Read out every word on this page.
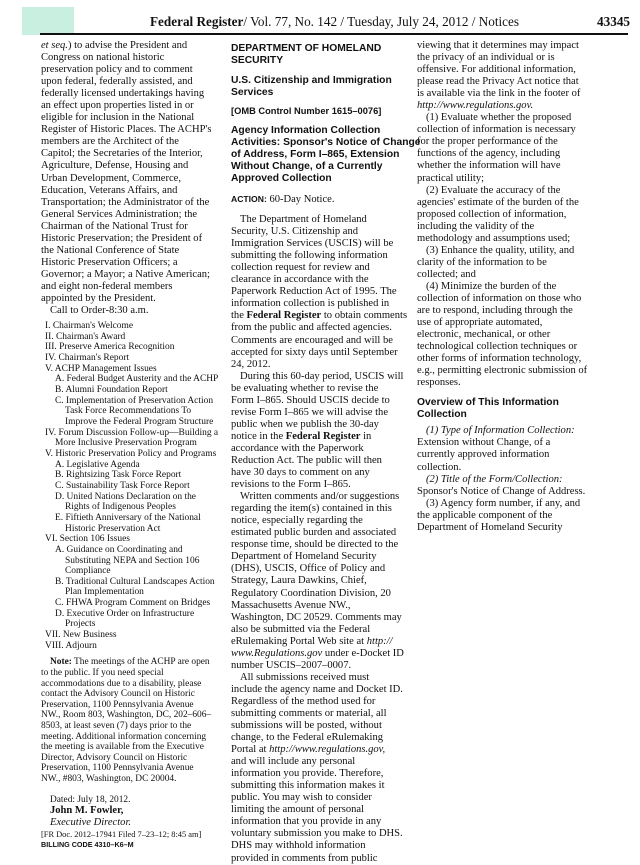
Federal Register/ Vol. 77, No. 142 / Tuesday, July 24, 2012 / Notices	43345

et seq.) to advise the President and

Congress on national historic

preservation policy and to comment

upon federal, federally assisted, and

federally licensed undertakings having

an effect upon properties listed in or

eligible for inclusion in the National

Register of Historic Places. The ACHP's

members are the Architect of the

Capitol; the Secretaries of the Interior,

Agriculture, Defense, Housing and

Urban Development, Commerce,

Education, Veterans Affairs, and

Transportation; the Administrator of the

General Services Administration; the

Chairman of the National Trust for

Historic Preservation; the President of

the National Conference of State

Historic Preservation Officers; a

Governor; a Mayor; a Native American;

and eight non-federal members

appointed by the President.

Call to Order-8:30 a.m.

I. Chairman's Welcome

II. Chairman's Award

III. Preserve America Recognition

IV. Chairman's Report

V. ACHP Management Issues

A. Federal Budget Austerity and the ACHP

B. Alumni Foundation Report

C. Implementation of Preservation Action

Task Force Recommendations To

Improve the Federal Program Structure

IV. Forum Discussion Follow-up—Building a

More Inclusive Preservation Program

V. Historic Preservation Policy and Programs

A. Legislative Agenda

B. Rightsizing Task Force Report

C. Sustainability Task Force Report

D. United Nations Declaration on the

Rights of Indigenous Peoples

E. Fiftieth Anniversary of the National

Historic Preservation Act

VI. Section 106 Issues

A. Guidance on Coordinating and

Substituting NEPA and Section 106

Compliance

B. Traditional Cultural Landscapes Action

Plan Implementation

C. FHWA Program Comment on Bridges

D. Executive Order on Infrastructure

Projects

VII. New Business

VIII. Adjourn

Note: The meetings of the ACHP are open

to the public. If you need special

accommodations due to a disability, please

contact the Advisory Council on Historic

Preservation, 1100 Pennsylvania Avenue

NW., Room 803, Washington, DC, 202–606–

8503, at least seven (7) days prior to the

meeting. Additional information concerning

the meeting is available from the Executive

Director, Advisory Council on Historic

Preservation, 1100 Pennsylvania Avenue

NW., #803, Washington, DC 20004.

Dated: July 18, 2012.

John M. Fowler,

Executive Director.

[FR Doc. 2012–17941 Filed 7–23–12; 8:45 am]

BILLING CODE 4310–K6–M

DEPARTMENT OF HOMELAND

SECURITY

U.S. Citizenship and Immigration

Services

[OMB Control Number 1615–0076]

Agency Information Collection

Activities: Sponsor's Notice of Change

of Address, Form I–865, Extension

Without Change, of a Currently

Approved Collection

ACTION: 60-Day Notice.

The Department of Homeland

Security, U.S. Citizenship and

Immigration Services (USCIS) will be

submitting the following information

collection request for review and

clearance in accordance with the

Paperwork Reduction Act of 1995. The

information collection is published in

the Federal Register to obtain comments

from the public and affected agencies.

Comments are encouraged and will be

accepted for sixty days until September

24, 2012.

During this 60-day period, USCIS will

be evaluating whether to revise the

Form I–865. Should USCIS decide to

revise Form I–865 we will advise the

public when we publish the 30-day

notice in the Federal Register in

accordance with the Paperwork

Reduction Act. The public will then

have 30 days to comment on any

revisions to the Form I–865.

Written comments and/or suggestions

regarding the item(s) contained in this

notice, especially regarding the

estimated public burden and associated

response time, should be directed to the

Department of Homeland Security

(DHS), USCIS, Office of Policy and

Strategy, Laura Dawkins, Chief,

Regulatory Coordination Division, 20

Massachusetts Avenue NW.,

Washington, DC 20529. Comments may

also be submitted via the Federal

eRulemaking Portal Web site at http://

www.Regulations.gov under e-Docket ID

number USCIS–2007–0007.

All submissions received must

include the agency name and Docket ID.

Regardless of the method used for

submitting comments or material, all

submissions will be posted, without

change, to the Federal eRulemaking

Portal at http://www.regulations.gov,

and will include any personal

information you provide. Therefore,

submitting this information makes it

public. You may wish to consider

limiting the amount of personal

information that you provide in any

voluntary submission you make to DHS.

DHS may withhold information

provided in comments from public

viewing that it determines may impact

the privacy of an individual or is

offensive. For additional information,

please read the Privacy Act notice that

is available via the link in the footer of

http://www.regulations.gov.

(1) Evaluate whether the proposed

collection of information is necessary

for the proper performance of the

functions of the agency, including

whether the information will have

practical utility;

(2) Evaluate the accuracy of the

agencies' estimate of the burden of the

proposed collection of information,

including the validity of the

methodology and assumptions used;

(3) Enhance the quality, utility, and

clarity of the information to be

collected; and

(4) Minimize the burden of the

collection of information on those who

are to respond, including through the

use of appropriate automated,

electronic, mechanical, or other

technological collection techniques or

other forms of information technology,

e.g., permitting electronic submission of

responses.

Overview of This Information

Collection

(1) Type of Information Collection:

Extension without Change, of a

currently approved information

collection.

(2) Title of the Form/Collection:

Sponsor's Notice of Change of Address.

(3) Agency form number, if any, and

the applicable component of the

Department of Homeland Security
